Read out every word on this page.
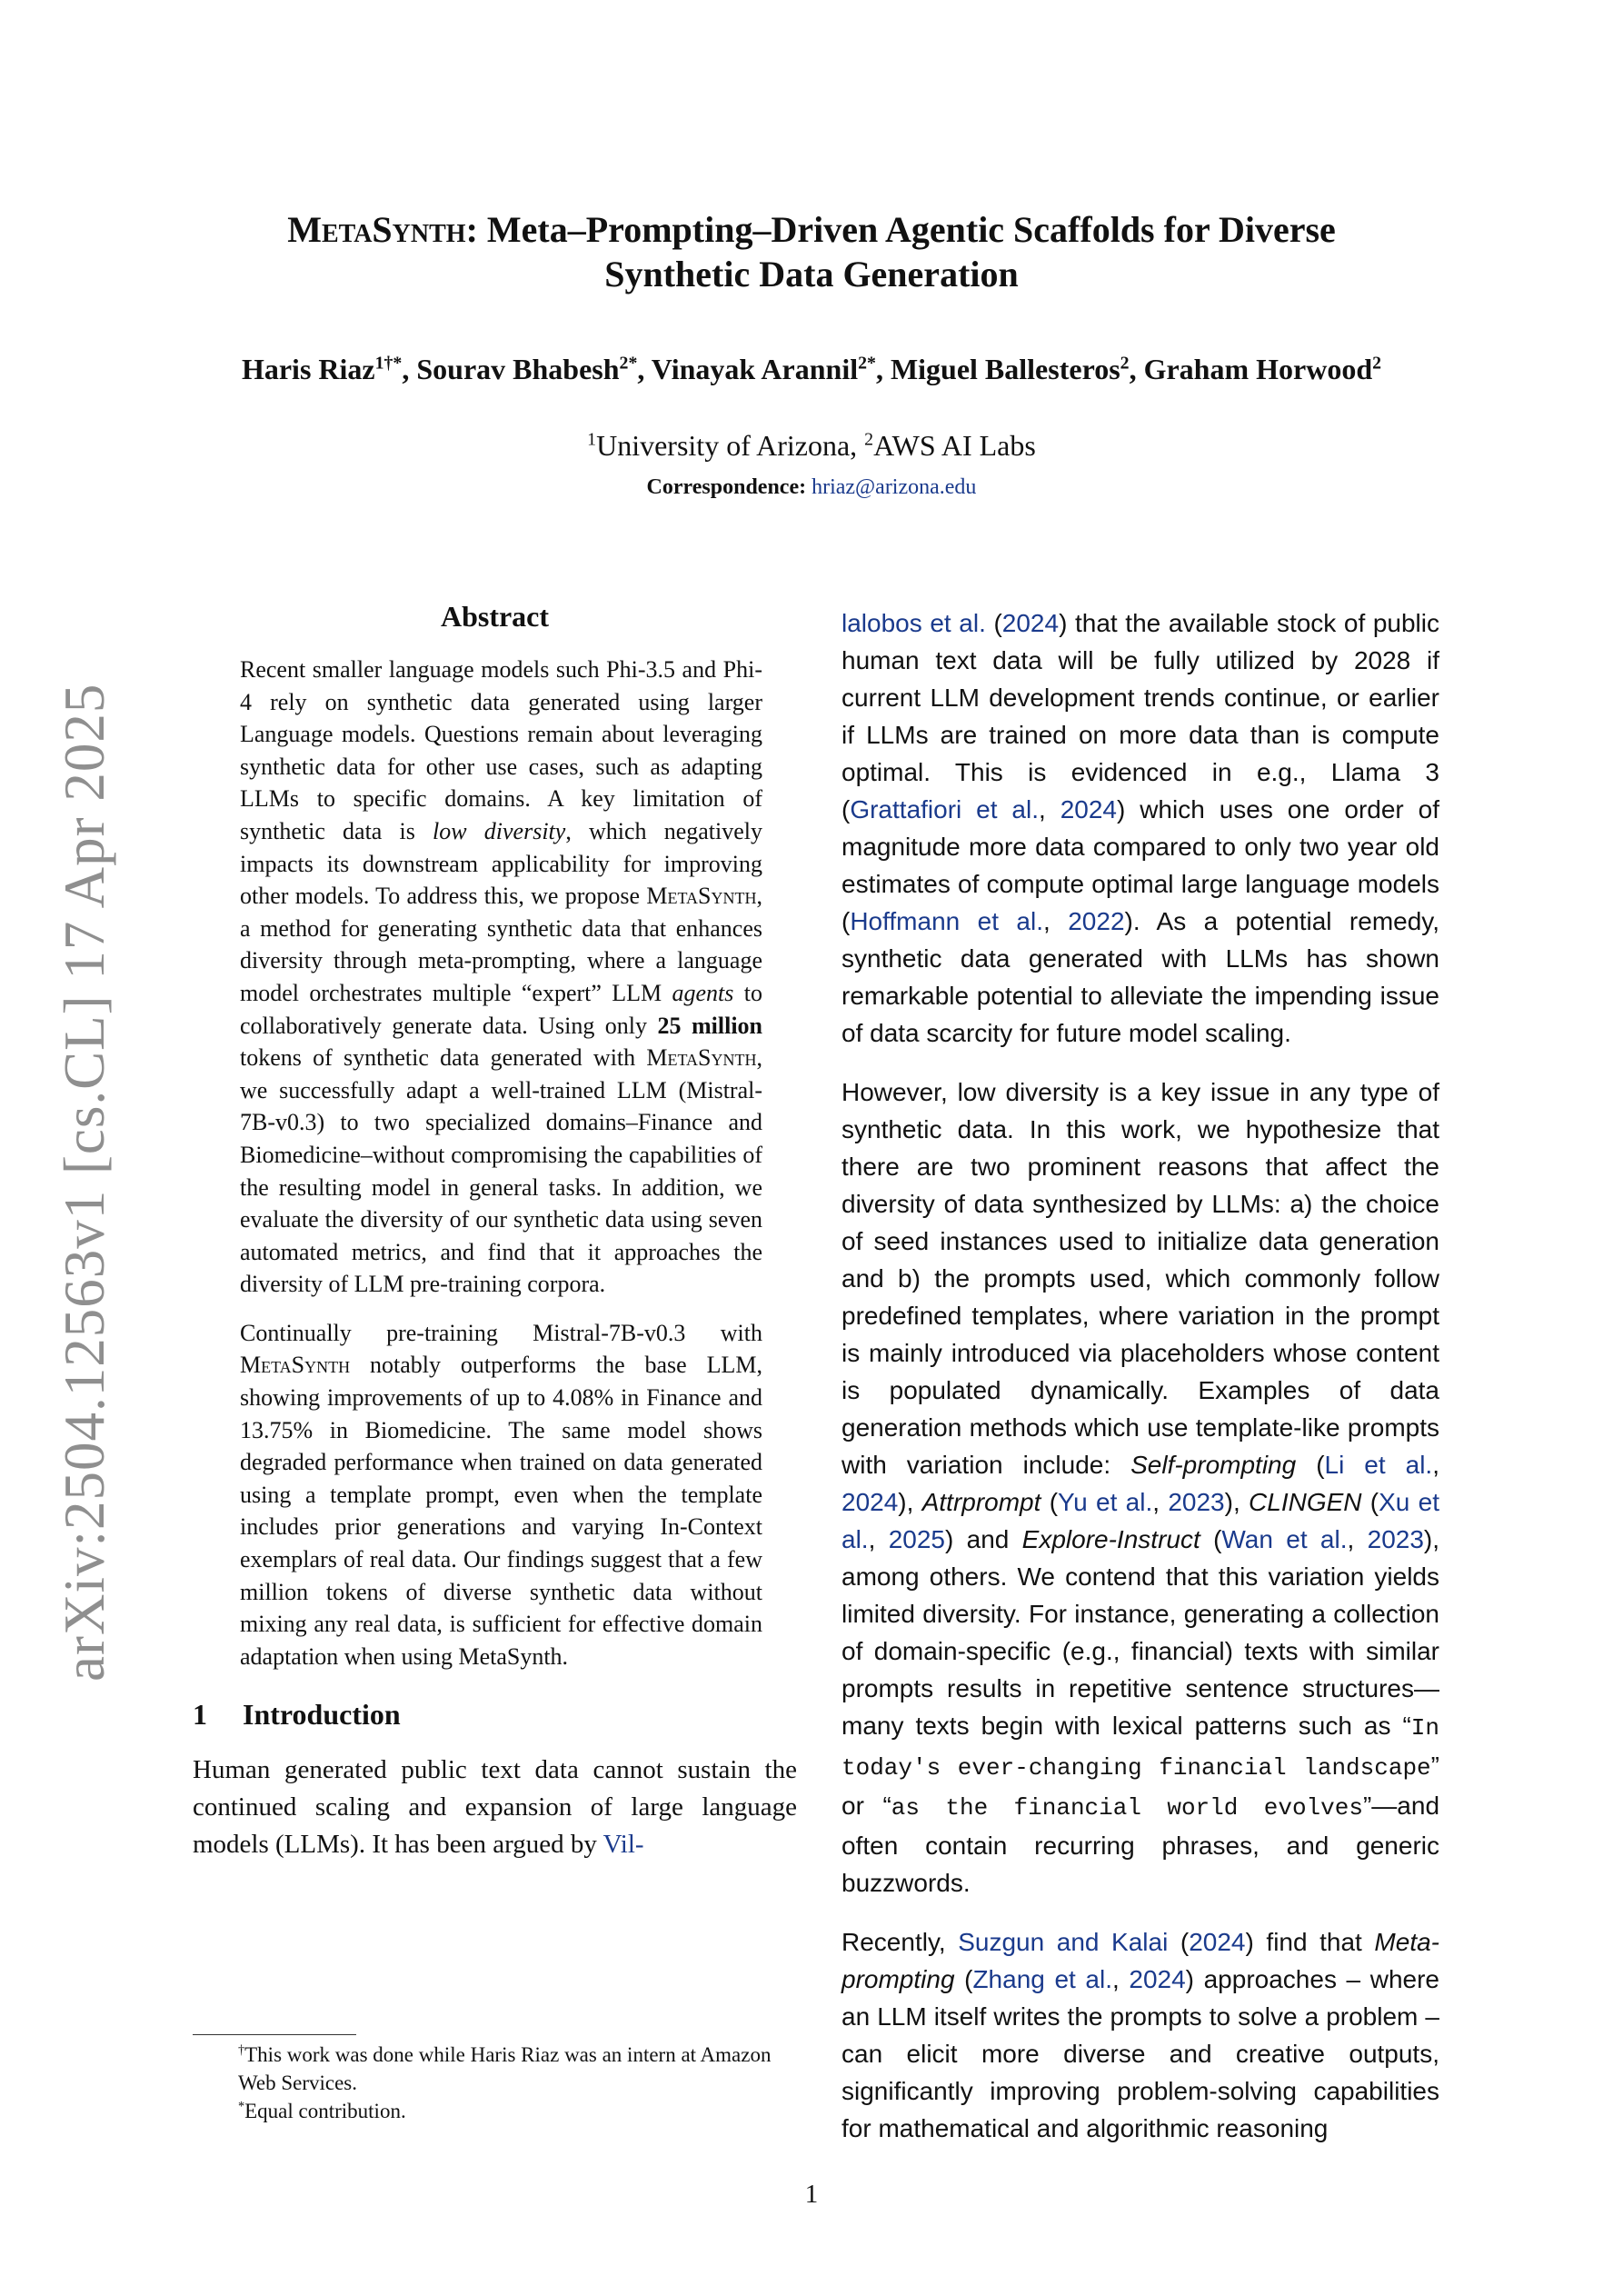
arXiv:2504.12563v1 [cs.CL] 17 Apr 2025
MetaSynth: Meta–Prompting–Driven Agentic Scaffolds for Diverse
Synthetic Data Generation
Haris Riaz$^{1\dagger*}$, Sourav Bhabesh$^{2*}$, Vinayak Arannil$^{2*}$, Miguel Ballesteros$^2$, Graham Horwood$^2$
$^1$University of Arizona, $^2$AWS AI Labs
Correspondence: hriaz@arizona.edu
Abstract

Recent smaller language models such Phi-3.5 and Phi-4 rely on synthetic data generated using larger Language models. Questions remain about leveraging synthetic data for other use cases, such as adapting LLMs to specific domains. A key limitation of synthetic data is low diversity, which negatively impacts its downstream applicability for improving other models. To address this, we propose MetaSynth, a method for generating synthetic data that enhances diversity through meta-prompting, where a language model orchestrates multiple “expert” LLM agents to collaboratively generate data. Using only 25 million tokens of synthetic data generated with MetaSynth, we successfully adapt a well-trained LLM (Mistral-7B-v0.3) to two specialized domains–Finance and Biomedicine–without compromising the capabilities of the resulting model in general tasks. In addition, we evaluate the diversity of our synthetic data using seven automated metrics, and find that it approaches the diversity of LLM pre-training corpora.

Continually pre-training Mistral-7B-v0.3 with MetaSynth notably outperforms the base LLM, showing improvements of up to 4.08% in Finance and 13.75% in Biomedicine. The same model shows degraded performance when trained on data generated using a template prompt, even when the template includes prior generations and varying In-Context exemplars of real data. Our findings suggest that a few million tokens of diverse synthetic data without mixing any real data, is sufficient for effective domain adaptation when using MetaSynth.

1 Introduction

Human generated public text data cannot sustain the continued scaling and expansion of large language models (LLMs). It has been argued by Vil-

lalobos et al. (2024) that the available stock of public human text data will be fully utilized by 2028 if current LLM development trends continue, or earlier if LLMs are trained on more data than is compute optimal. This is evidenced in e.g., Llama 3 (Grattafiori et al., 2024) which uses one order of magnitude more data compared to only two year old estimates of compute optimal large language models (Hoffmann et al., 2022). As a potential remedy, synthetic data generated with LLMs has shown remarkable potential to alleviate the impending issue of data scarcity for future model scaling.

However, low diversity is a key issue in any type of synthetic data. In this work, we hypothesize that there are two prominent reasons that affect the diversity of data synthesized by LLMs: a) the choice of seed instances used to initialize data generation and b) the prompts used, which commonly follow predefined templates, where variation in the prompt is mainly introduced via placeholders whose content is populated dynamically. Examples of data generation methods which use template-like prompts with variation include: Self-prompting (Li et al., 2024), Attrprompt (Yu et al., 2023), CLINGEN (Xu et al., 2025) and Explore-Instruct (Wan et al., 2023), among others. We contend that this variation yields limited diversity. For instance, generating a collection of domain-specific (e.g., financial) texts with similar prompts results in repetitive sentence structures—many texts begin with lexical patterns such as “In today's ever-changing financial landscape” or “as the financial world evolves”—and often contain recurring phrases, and generic buzzwords.

Recently, Suzgun and Kalai (2024) find that Meta-prompting (Zhang et al., 2024) approaches – where an LLM itself writes the prompts to solve a problem – can elicit more diverse and creative outputs, significantly improving problem-solving capabilities for mathematical and algorithmic reasoning

†This work was done while Haris Riaz was an intern at Amazon Web Services.

*Equal contribution.

1
